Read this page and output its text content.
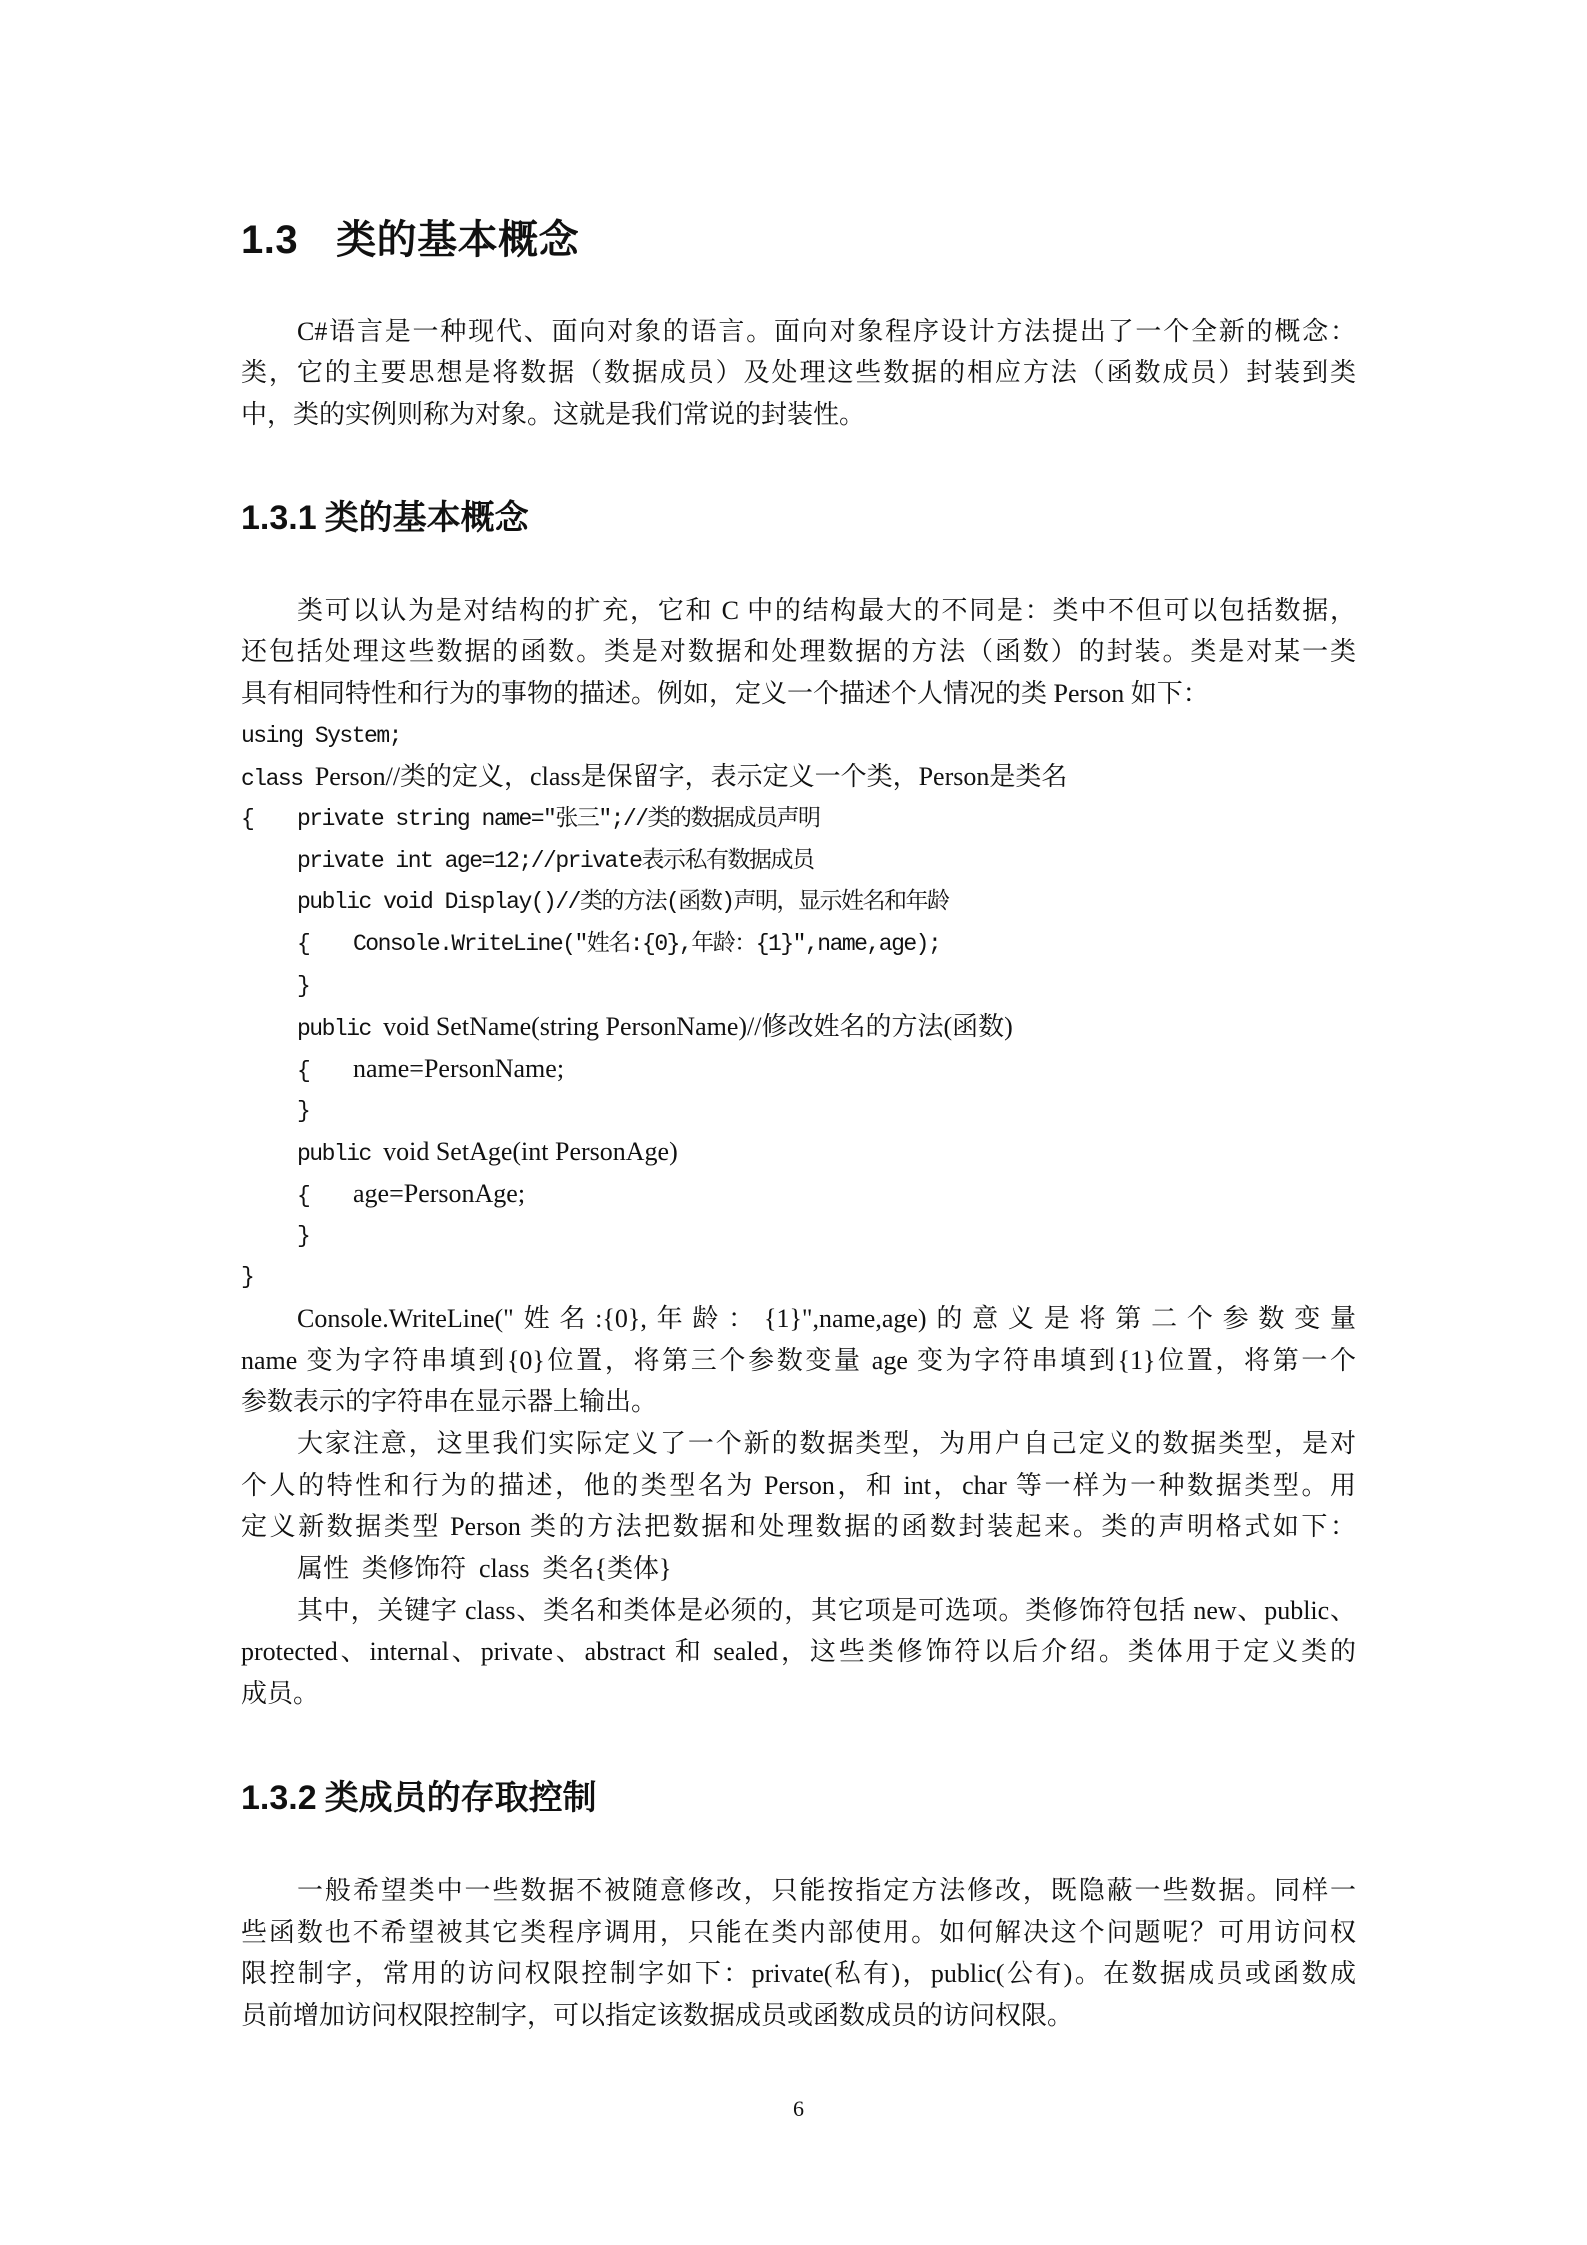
1.3 类的基本概念
C#语言是一种现代、面向对象的语言。面向对象程序设计方法提出了一个全新的概念：
类，它的主要思想是将数据（数据成员）及处理这些数据的相应方法（函数成员）封装到类
中，类的实例则称为对象。这就是我们常说的封装性。
1.3.1 类的基本概念
类可以认为是对结构的扩充，它和 C 中的结构最大的不同是：类中不但可以包括数据，
还包括处理这些数据的函数。类是对数据和处理数据的方法（函数）的封装。类是对某一类
具有相同特性和行为的事物的描述。例如，定义一个描述个人情况的类 Person 如下：
using System;
class Person//类的定义，class是保留字，表示定义一个类，Person是类名
{ private string name="张三";//类的数据成员声明
private int age=12;//private表示私有数据成员
public void Display()//类的方法(函数)声明，显示姓名和年龄
{ Console.WriteLine("姓名:{0},年龄：{1}",name,age);
}
public void SetName(string PersonName)//修改姓名的方法(函数)
{ name=PersonName;
}
public void SetAge(int PersonAge)
{ age=PersonAge;
}
}
Console.WriteLine("姓名:{0},年龄：{1}",name,age)的意义是将第二个参数变量
name 变为字符串填到{0}位置，将第三个参数变量 age 变为字符串填到{1}位置，将第一个
参数表示的字符串在显示器上输出。
大家注意，这里我们实际定义了一个新的数据类型，为用户自己定义的数据类型，是对
个人的特性和行为的描述，他的类型名为 Person，和 int，char 等一样为一种数据类型。用
定义新数据类型 Person 类的方法把数据和处理数据的函数封装起来。类的声明格式如下：
属性  类修饰符  class  类名{类体}
其中，关键字 class、类名和类体是必须的，其它项是可选项。类修饰符包括 new、public、
protected、internal、private、abstract 和 sealed，这些类修饰符以后介绍。类体用于定义类的
成员。
1.3.2 类成员的存取控制
一般希望类中一些数据不被随意修改，只能按指定方法修改，既隐蔽一些数据。同样一
些函数也不希望被其它类程序调用，只能在类内部使用。如何解决这个问题呢？可用访问权
限控制字，常用的访问权限控制字如下：private(私有)，public(公有)。在数据成员或函数成
员前增加访问权限控制字，可以指定该数据成员或函数成员的访问权限。
6
